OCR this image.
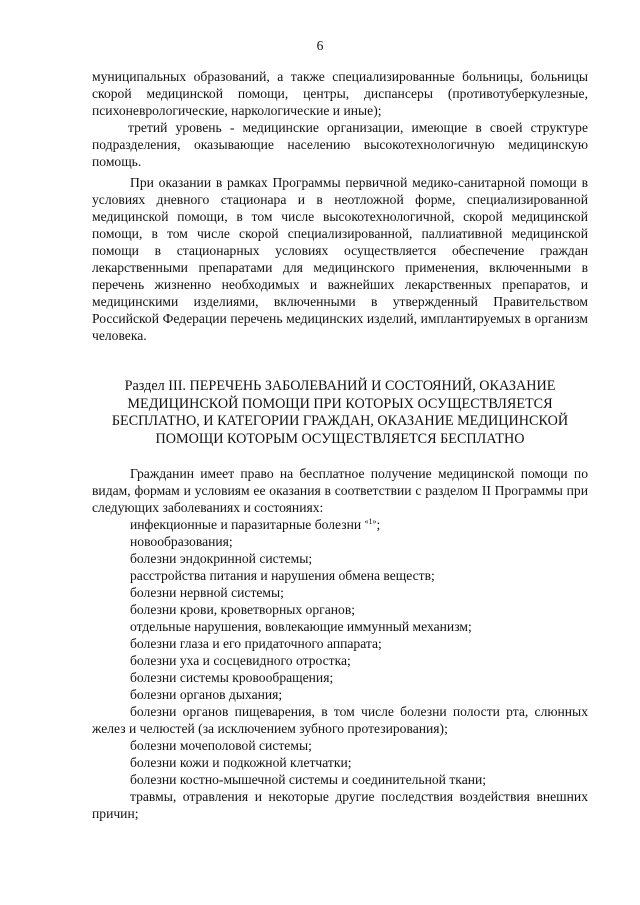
6

муниципальных образований, а также специализированные больницы, больницы скорой медицинской помощи, центры, диспансеры (противотуберкулезные, психоневрологические, наркологические и иные);

третий уровень - медицинские организации, имеющие в своей структуре подразделения, оказывающие населению высокотехнологичную медицинскую помощь.

При оказании в рамках Программы первичной медико-санитарной помощи в условиях дневного стационара и в неотложной форме, специализированной медицинской помощи, в том числе высокотехнологичной, скорой медицинской помощи, в том числе скорой специализированной, паллиативной медицинской помощи в стационарных условиях осуществляется обеспечение граждан лекарственными препаратами для медицинского применения, включенными в перечень жизненно необходимых и важнейших лекарственных препаратов, и медицинскими изделиями, включенными в утвержденный Правительством Российской Федерации перечень медицинских изделий, имплантируемых в организм человека.

Раздел III. ПЕРЕЧЕНЬ ЗАБОЛЕВАНИЙ И СОСТОЯНИЙ, ОКАЗАНИЕ МЕДИЦИНСКОЙ ПОМОЩИ ПРИ КОТОРЫХ ОСУЩЕСТВЛЯЕТСЯ БЕСПЛАТНО, И КАТЕГОРИИ ГРАЖДАН, ОКАЗАНИЕ МЕДИЦИНСКОЙ ПОМОЩИ КОТОРЫМ ОСУЩЕСТВЛЯЕТСЯ БЕСПЛАТНО

Гражданин имеет право на бесплатное получение медицинской помощи по видам, формам и условиям ее оказания в соответствии с разделом II Программы при следующих заболеваниях и состояниях:

инфекционные и паразитарные болезни $^{«1»}$;

новообразования;

болезни эндокринной системы;

расстройства питания и нарушения обмена веществ;

болезни нервной системы;

болезни крови, кроветворных органов;

отдельные нарушения, вовлекающие иммунный механизм;

болезни глаза и его придаточного аппарата;

болезни уха и сосцевидного отростка;

болезни системы кровообращения;

болезни органов дыхания;

болезни органов пищеварения, в том числе болезни полости рта, слюнных желез и челюстей (за исключением зубного протезирования);

болезни мочеполовой системы;

болезни кожи и подкожной клетчатки;

болезни костно-мышечной системы и соединительной ткани;

травмы, отравления и некоторые другие последствия воздействия внешних причин;
